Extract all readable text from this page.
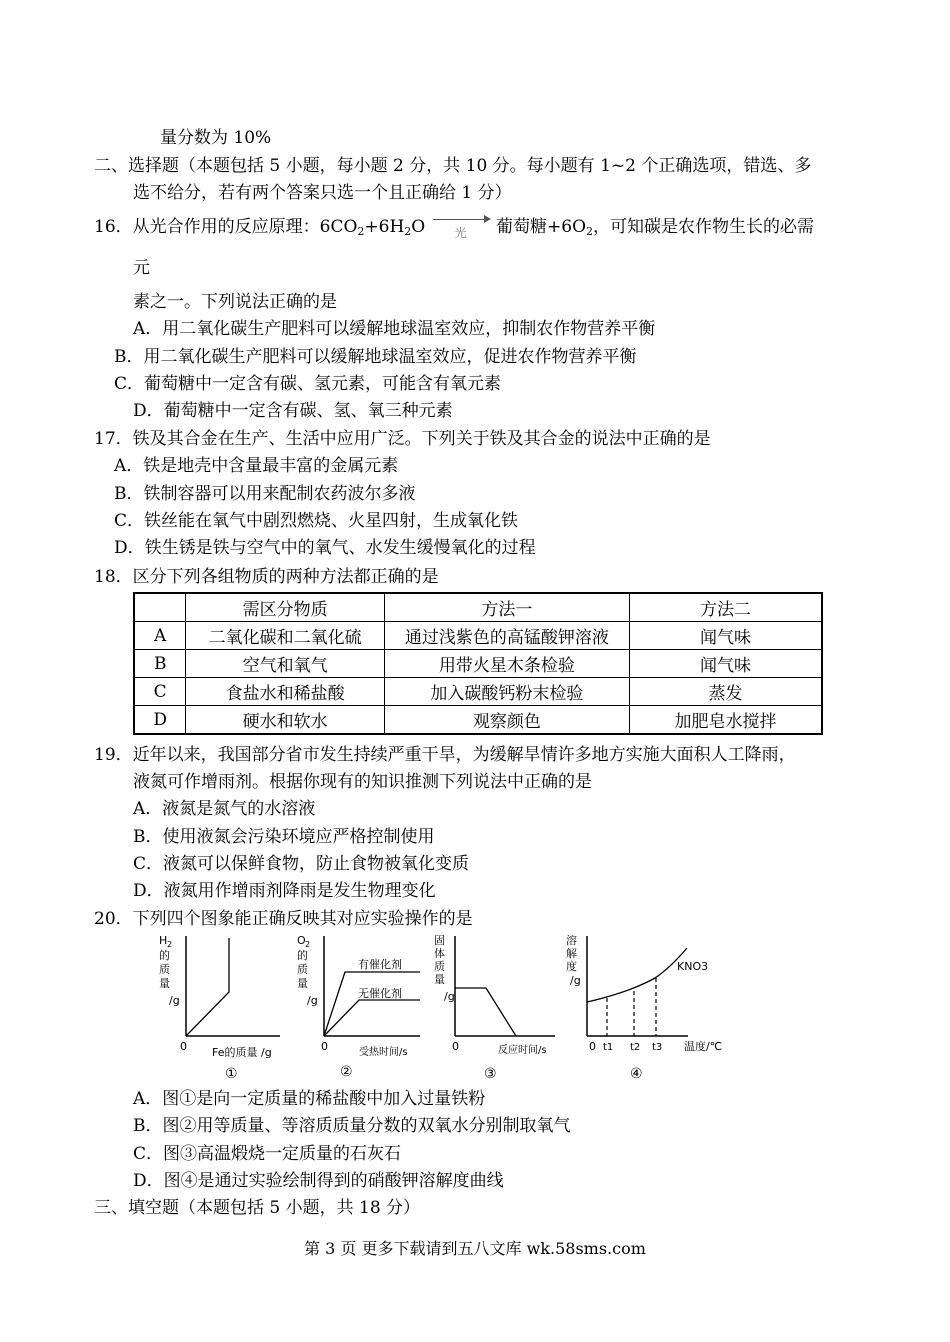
量分数为 10%
二、选择题（本题包括 5 小题，每小题 2 分，共 10 分。每小题有 1~2 个正确选项，错选、多
选不给分，若有两个答案只选一个且正确给 1 分）
16．从光合作用的反应原理：$6CO_2+6H_2O$	光	葡萄糖$+6O_2$，可知碳是农作物生长的必需
元
素之一。下列说法正确的是
A．用二氧化碳生产肥料可以缓解地球温室效应，抑制农作物营养平衡
B．用二氧化碳生产肥料可以缓解地球温室效应，促进农作物营养平衡
C．葡萄糖中一定含有碳、氢元素，可能含有氧元素
D．葡萄糖中一定含有碳、氢、氧三种元素
17．铁及其合金在生产、生活中应用广泛。下列关于铁及其合金的说法中正确的是
A．铁是地壳中含量最丰富的金属元素
B．铁制容器可以用来配制农药波尔多液
C．铁丝能在氧气中剧烈燃烧、火星四射，生成氧化铁
D．铁生锈是铁与空气中的氧气、水发生缓慢氧化的过程
18．区分下列各组物质的两种方法都正确的是
	需区分物质	方法一	方法二
A	二氧化碳和二氧化硫	通过浅紫色的高锰酸钾溶液	闻气味
B	空气和氧气	用带火星木条检验	闻气味
C	食盐水和稀盐酸	加入碳酸钙粉末检验	蒸发
D	硬水和软水	观察颜色	加肥皂水搅拌
19．近年以来，我国部分省市发生持续严重干旱，为缓解旱情许多地方实施大面积人工降雨，
液氮可作增雨剂。根据你现有的知识推测下列说法中正确的是
A．液氮是氮气的水溶液
B．使用液氮会污染环境应严格控制使用
C．液氮可以保鲜食物，防止食物被氧化变质
D．液氮用作增雨剂降雨是发生物理变化
20．下列四个图象能正确反映其对应实验操作的是
H 2
的
质
量
/g
0 Fe的质量 /g
①
O 2
的
质
量
/g
有催化剂
无催化剂
0	受热时间/s
②
固
体
质
量
/g
0	反应时间/s
③
溶
解
度
/g
KNO3
0 t1 t2 t3 温度/℃
④
A．图①是向一定质量的稀盐酸中加入过量铁粉
B．图②用等质量、等溶质质量分数的双氧水分别制取氧气
C．图③高温煅烧一定质量的石灰石
D．图④是通过实验绘制得到的硝酸钾溶解度曲线
三、填空题（本题包括 5 小题，共 18 分）
第 3 页 更多下载请到五八文库 wk.58sms.com
